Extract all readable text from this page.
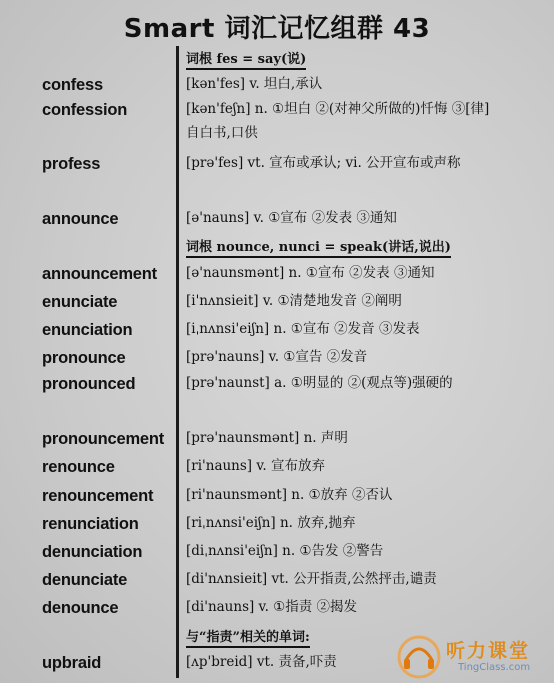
Smart 词汇记忆组群 43
词根 fes = say(说)
词根 nounce, nunci = speak(讲话,说出)
与“指责”相关的单词:
confess	[kən'fes] v. 坦白,承认
confession	[kən'feʃn] n. ①坦白 ②(对神父所做的)忏悔 ③[律]自白书,口供
profess	[prə'fes] vt. 宣布或承认; vi. 公开宣布或声称
announce	[ə'nauns] v. ①宣布 ②发表 ③通知
announcement [ə'naunsmənt] n. ①宣布 ②发表 ③通知
enunciate	[i'nʌnsieit] v. ①清楚地发音 ②阐明
enunciation	[iˌnʌnsi'eiʃn] n. ①宣布 ②发音 ③发表
pronounce	[prə'nauns] v. ①宣告 ②发音
pronounced	[prə'naunst] a. ①明显的 ②(观点等)强硬的
pronouncement [prə'naunsmənt] n. 声明
renounce	[ri'nauns] v. 宣布放弃
renouncement [ri'naunsmənt] n. ①放弃 ②否认
renunciation	[riˌnʌnsi'eiʃn] n. 放弃,抛弃
denunciation	[diˌnʌnsi'eiʃn] n. ①告发 ②警告
denunciate	[di'nʌnsieit] vt. 公开指责,公然抨击,谴责
denounce	[di'nauns] v. ①指责 ②揭发
upbraid	[ʌp'breid] vt. 责备,吓责	听力课堂
TingClass.com
